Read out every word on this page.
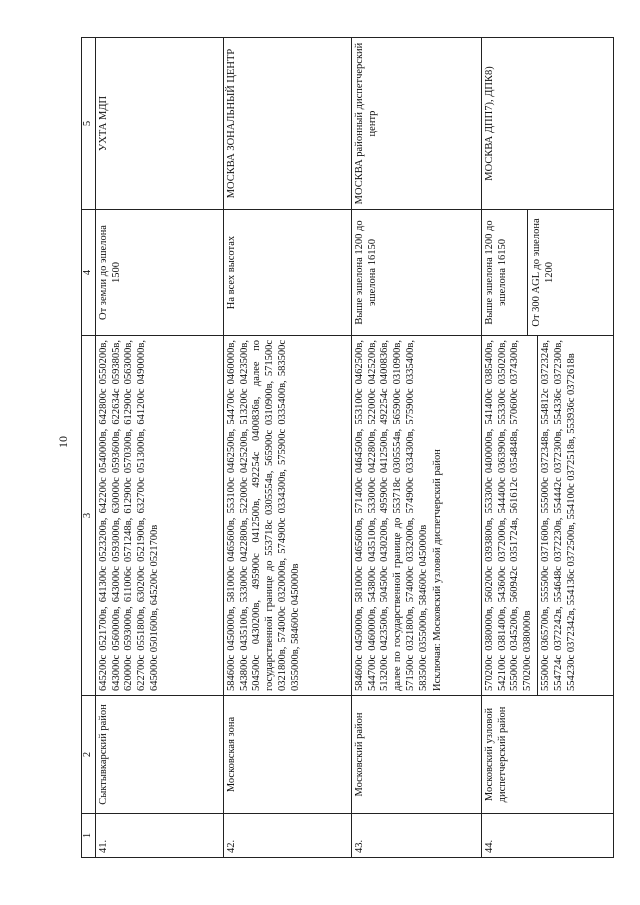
10
1	2	3	4	5
41.	Сыктывкарский район	645200с 0521700в, 641300с 0523200в, 642200с 0540000в, 642800с 0550200в, 643000с 0560000в, 643000с 0593000в, 630000с 0593600в, 622634с 0593805в, 620000с 0593000в, 611006с 0571248в, 612900с 0570300в, 612900с 0563000в, 622700с 0551800в, 630200с 0521900в, 632700с 0513000в, 641200с 0490000в, 645000с 0501600в, 645200с 0521700в	От земли до эшелона 1500	УХТА МДП
42.	Московская зона	584600с 0450000в, 581000с 0465600в, 553100с 0462500в, 544700с 0460000в, 543800с 0435100в, 533000с 0422800в, 522000с 0425200в, 513200с 0423500в, 504500с 0430200в, 495900с 0412500в, 492254с 0400836в, далее по государственной границе до 553718с 0305554в, 565900с 0310900в, 571500с 0321800в, 574000с 0320000в, 574900с 0334300в, 575900с 0335400в, 583500с 0355000в, 584600с 0450000в	На всех высотах	МОСКВА ЗОНАЛЬНЫЙ ЦЕНТР
43.	Московский район	584600с 0450000в, 581000с 0465600в, 571400с 0464500в, 553100с 0462500в, 544700с 0460000в, 543800с 0435100в, 533000с 0422800в, 522000с 0425200в, 513200с 0423500в, 504500с 0430200в, 495900с 0412500в, 492254с 0400836в, далее по государственной границе до 553718с 0305554в, 565900с 0310900в, 571500с 0321800в, 574000с 0332000в, 574900с 0334300в, 575900с 0335400в, 583500с 0355000в, 584600с 0450000в Исключая: Московский узловой диспетчерский район	Выше эшелона 1200 до эшелона 16150	МОСКВА районный диспетчерский центр
44.	Московский узловой диспетчерский район	570200с 0380000в, 560200с 0393800в, 553300с 0400000в, 541400с 0385400в, 542100с 0381400в, 543600с 0372000в, 544400с 0363900в, 553300с 0350200в, 555000с 0345200в, 560942с 0351724в, 561612с 0354848в, 570600с 0374300в, 570200с 0380000в 555000с 0365700в, 555500с 0371600в, 555000с 0372348в, 554812с 0372324в, 554724с 0372242в, 554648с 0372230в, 554442с 0372300в, 554336с 0372300в, 554230с 0372342в, 554136с 0372500в, 554100с 0372518в, 553936с 0372618в	Выше эшелона 1200 до эшелона 16150 От 300 AGL до эшелона 1200	МОСКВА ДПП7), ДПК8)
